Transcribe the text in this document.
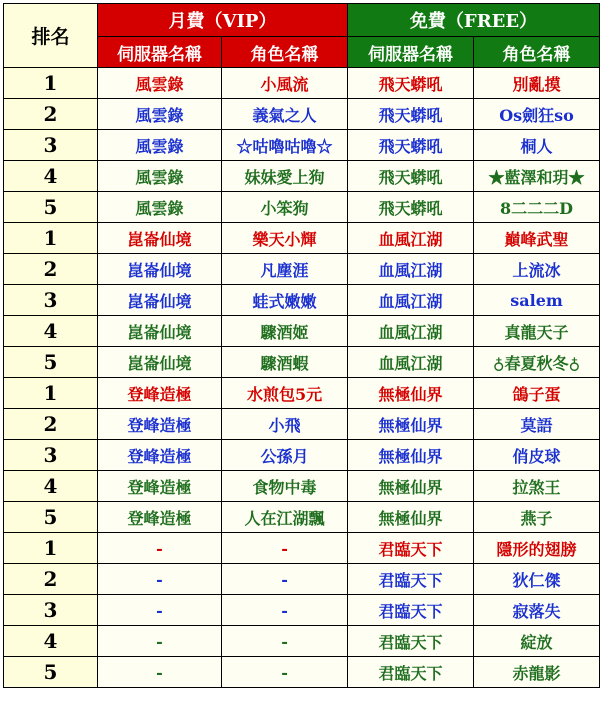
排名	月費（VIP）		免費（FREE）	
	伺服器名稱	角色名稱	伺服器名稱	角色名稱
1	風雲錄	小風流	飛天蟒吼	別亂摸
2	風雲錄	義氣之人	飛天蟒吼	Os劍狂so
3	風雲錄	☆咕嚕咕嚕☆	飛天蟒吼	桐人
4	風雲錄	妹妹愛上狗	飛天蟒吼	★藍澤和玥★
5	風雲錄	小笨狗	飛天蟒吼	8二二二D
1	崑崙仙境	樂天小輝	血風江湖	巔峰武聖
2	崑崙仙境	凡塵涯	血風江湖	上流冰
3	崑崙仙境	蛙式嫩嫩	血風江湖	salem
4	崑崙仙境	驟酒姬	血風江湖	真龍天子
5	崑崙仙境	驟酒蝦	血風江湖	♁春夏秋冬♁
1	登峰造極	水煎包5元	無極仙界	鴿子蛋
2	登峰造極	小飛	無極仙界	莫語
3	登峰造極	公孫月	無極仙界	俏皮球
4	登峰造極	食物中毒	無極仙界	拉煞王
5	登峰造極	人在江湖飄	無極仙界	燕子
1	-	-	君臨天下	隱形的翅膀
2	-	-	君臨天下	狄仁傑
3	-	-	君臨天下	寂落失
4	-	-	君臨天下	綻放
5	-	-	君臨天下	赤龍影
